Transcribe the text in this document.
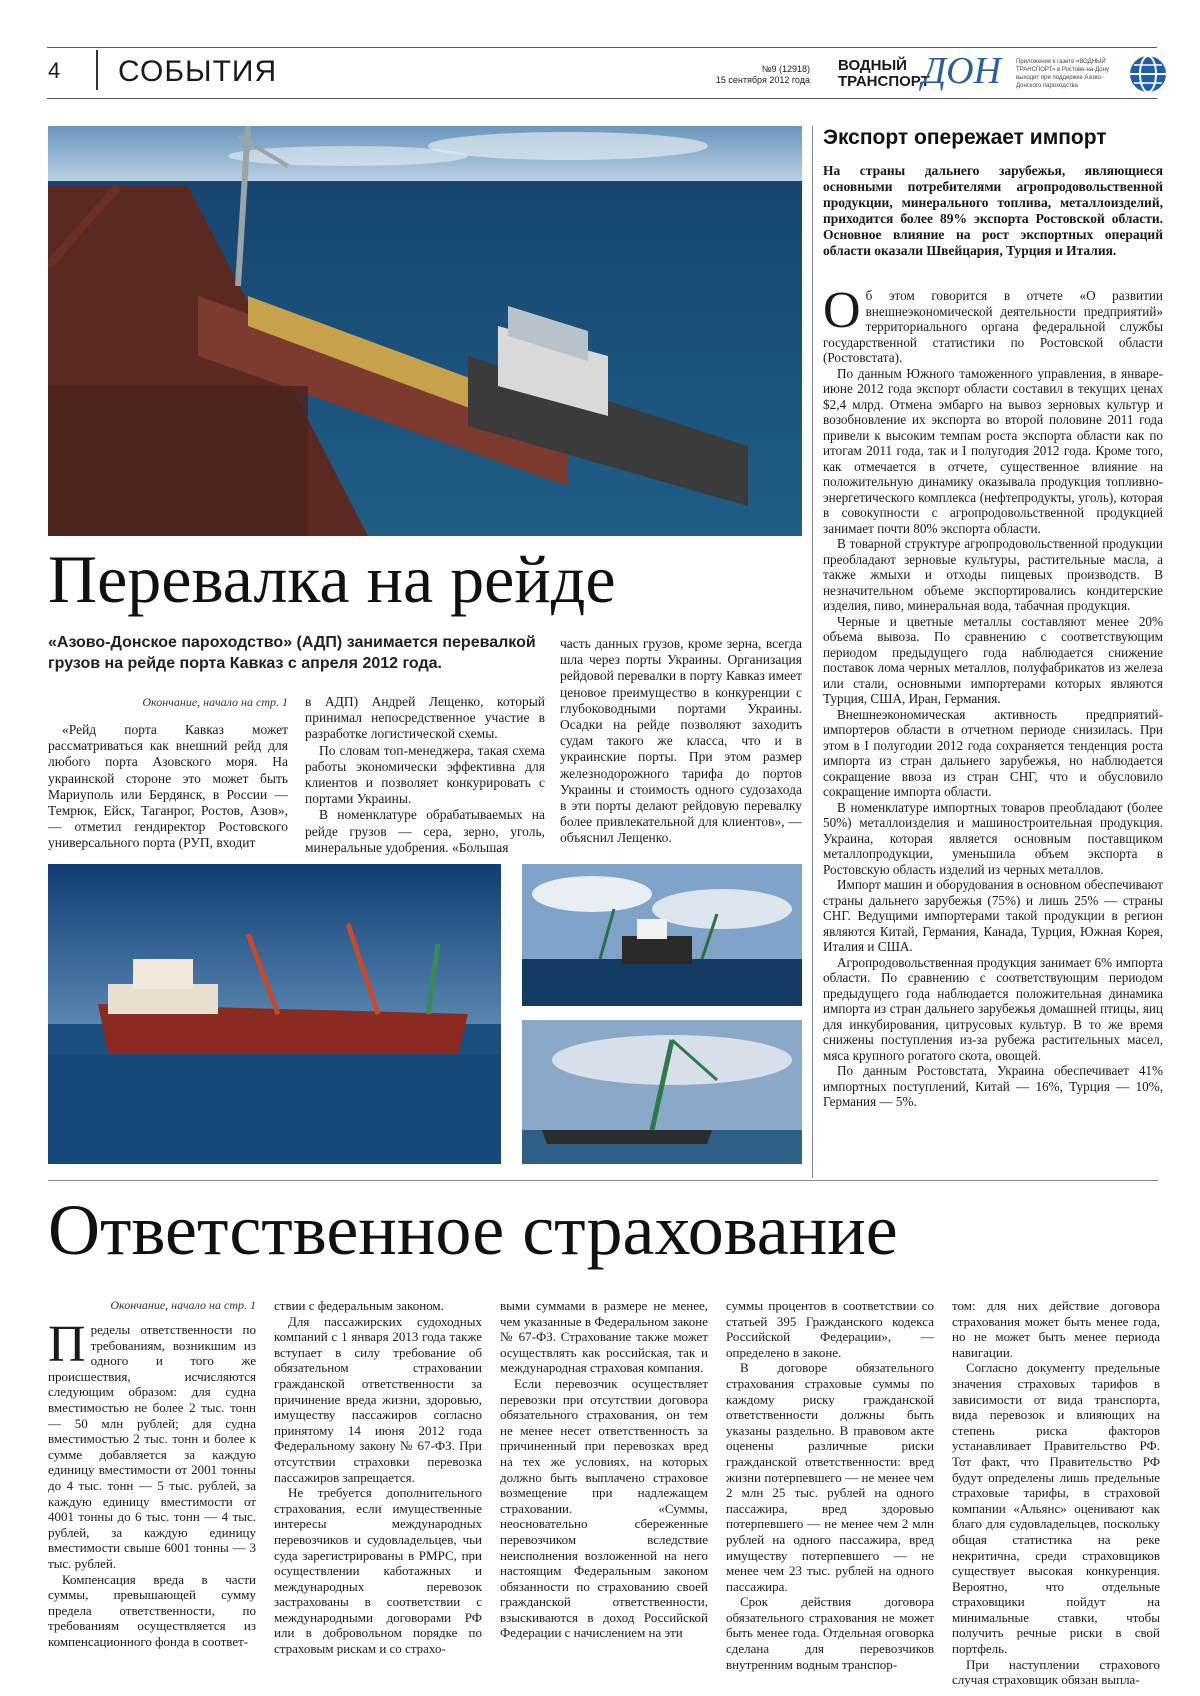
4 СОБЫТИЯ	№9 (12918)
15 сентября 2012 года
ВОДНЫЙ
ТРАНСПОРТ
ДОН Приложение к газете «ВОДНЫЙ ТРАНСПОРТ» в Ростове-на-Дону выходит при поддержке Азово-Донского пароходства
Перевалка на рейде
«Азово-Донское пароходство» (АДП) занимается перевалкой грузов на рейде порта Кавказ с апреля 2012 года.
Окончание, начало на стр. 1

«Рейд порта Кавказ может рассматриваться как внешний рейд для любого порта Азовского моря. На украинской стороне это может быть Мариуполь или Бердянск, в России — Темрюк, Ейск, Таганрог, Ростов, Азов», — отметил гендиректор Ростовского универсального порта (РУП, входит

в АДП) Андрей Лещенко, который принимал непосредственное участие в разработке логистической схемы.

По словам топ-менеджера, такая схема работы экономически эффективна для клиентов и позволяет конкурировать с портами Украины.

В номенклатуре обрабатываемых на рейде грузов — сера, зерно, уголь, минеральные удобрения. «Большая

часть данных грузов, кроме зерна, всегда шла через порты Украины. Организация рейдовой перевалки в порту Кавказ имеет ценовое преимущество в конкуренции с глубоководными портами Украины. Осадки на рейде позволяют заходить судам такого же класса, что и в украинские порты. При этом размер железнодорожного тарифа до портов Украины и стоимость одного судозахода в эти порты делают рейдовую перевалку более привлекательной для клиентов», — объяснил Лещенко.

Экспорт опережает импорт
На страны дальнего зарубежья, являющиеся основными потребителями агропродовольственной продукции, минерального топлива, металлоизделий, приходится более 89% экспорта Ростовской области. Основное влияние на рост экспортных операций области оказали Швейцария, Турция и Италия.

Об этом говорится в отчете «О развитии внешнеэкономической деятельности предприятий» территориального органа федеральной службы государственной статистики по Ростовской области (Ростовстата).

По данным Южного таможенного управления, в январе-июне 2012 года экспорт области составил в текущих ценах $2,4 млрд. Отмена эмбарго на вывоз зерновых культур и возобновление их экспорта во второй половине 2011 года привели к высоким темпам роста экспорта области как по итогам 2011 года, так и I полугодия 2012 года. Кроме того, как отмечается в отчете, существенное влияние на положительную динамику оказывала продукция топливно-энергетического комплекса (нефтепродукты, уголь), которая в совокупности с агропродовольственной продукцией занимает почти 80% экспорта области.

В товарной структуре агропродовольственной продукции преобладают зерновые культуры, растительные масла, а также жмыхи и отходы пищевых производств. В незначительном объеме экспортировались кондитерские изделия, пиво, минеральная вода, табачная продукция.

Черные и цветные металлы составляют менее 20% объема вывоза. По сравнению с соответствующим периодом предыдущего года наблюдается снижение поставок лома черных металлов, полуфабрикатов из железа или стали, основными импортерами которых являются Турция, США, Иран, Германия.

Внешнеэкономическая активность предприятий-импортеров области в отчетном периоде снизилась. При этом в I полугодии 2012 года сохраняется тенденция роста импорта из стран дальнего зарубежья, но наблюдается сокращение ввоза из стран СНГ, что и обусловило сокращение импорта области.

В номенклатуре импортных товаров преобладают (более 50%) металлоизделия и машиностроительная продукция. Украина, которая является основным поставщиком металлопродукции, уменьшила объем экспорта в Ростовскую область изделий из черных металлов.

Импорт машин и оборудования в основном обеспечивают страны дальнего зарубежья (75%) и лишь 25% — страны СНГ. Ведущими импортерами такой продукции в регион являются Китай, Германия, Канада, Турция, Южная Корея, Италия и США.

Агропродовольственная продукция занимает 6% импорта области. По сравнению с соответствующим периодом предыдущего года наблюдается положительная динамика импорта из стран дальнего зарубежья домашней птицы, яиц для инкубирования, цитрусовых культур. В то же время снижены поступления из-за рубежа растительных масел, мяса крупного рогатого скота, овощей.

По данным Ростовстата, Украина обеспечивает 41% импортных поступлений, Китай — 16%, Турция — 10%, Германия — 5%.

Ответственное страхование
Окончание, начало на стр. 1

Пределы ответственности по требованиям, возникшим из одного и того же происшествия, исчисляются следующим образом: для судна вместимостью не более 2 тыс. тонн — 50 млн рублей; для судна вместимостью 2 тыс. тонн и более к сумме добавляется за каждую единицу вместимости от 2001 тонны до 4 тыс. тонн — 5 тыс. рублей, за каждую единицу вместимости от 4001 тонны до 6 тыс. тонн — 4 тыс. рублей, за каждую единицу вместимости свыше 6001 тонны — 3 тыс. рублей.

Компенсация вреда в части суммы, превышающей сумму предела ответственности, по требованиям осуществляется из компенсационного фонда в соответ-

ствии с федеральным законом.

Для пассажирских судоходных компаний с 1 января 2013 года также вступает в силу требование об обязательном страховании гражданской ответственности за причинение вреда жизни, здоровью, имуществу пассажиров согласно принятому 14 июня 2012 года Федеральному закону № 67-ФЗ. При отсутствии страховки перевозка пассажиров запрещается.

Не требуется дополнительного страхования, если имущественные интересы международных перевозчиков и судовладельцев, чьи суда зарегистрированы в РМРС, при осуществлении каботажных и международных перевозок застрахованы в соответствии с международными договорами РФ или в добровольном порядке по страховым рискам и со страхо-

выми суммами в размере не менее, чем указанные в Федеральном законе № 67-ФЗ. Страхование также может осуществлять как российская, так и международная страховая компания.

Если перевозчик осуществляет перевозки при отсутствии договора обязательного страхования, он тем не менее несет ответственность за причиненный при перевозках вред на тех же условиях, на которых должно быть выплачено страховое возмещение при надлежащем страховании. «Суммы, неосновательно сбереженные перевозчиком вследствие неисполнения возложенной на него настоящим Федеральным законом обязанности по страхованию своей гражданской ответственности, взыскиваются в доход Российской Федерации с начислением на эти

суммы процентов в соответствии со статьей 395 Гражданского кодекса Российской Федерации», — определено в законе.

В договоре обязательного страхования страховые суммы по каждому риску гражданской ответственности должны быть указаны раздельно. В правовом акте оценены различные риски гражданской ответственности: вред жизни потерпевшего — не менее чем 2 млн 25 тыс. рублей на одного пассажира, вред здоровью потерпевшего — не менее чем 2 млн рублей на одного пассажира, вред имуществу потерпевшего — не менее чем 23 тыс. рублей на одного пассажира.

Срок действия договора обязательного страхования не может быть менее года. Отдельная оговорка сделана для перевозчиков внутренним водным транспор-

том: для них действие договора страхования может быть менее года, но не может быть менее периода навигации.

Согласно документу предельные значения страховых тарифов в зависимости от вида транспорта, вида перевозок и влияющих на степень риска факторов устанавливает Правительство РФ. Тот факт, что Правительство РФ будут определены лишь предельные страховые тарифы, в страховой компании «Альянс» оценивают как благо для судовладельцев, поскольку общая статистика на реке некритична, среди страховщиков существует высокая конкуренция. Вероятно, что отдельные страховщики пойдут на минимальные ставки, чтобы получить речные риски в свой портфель.

При наступлении страхового случая страховщик обязан выпла-
